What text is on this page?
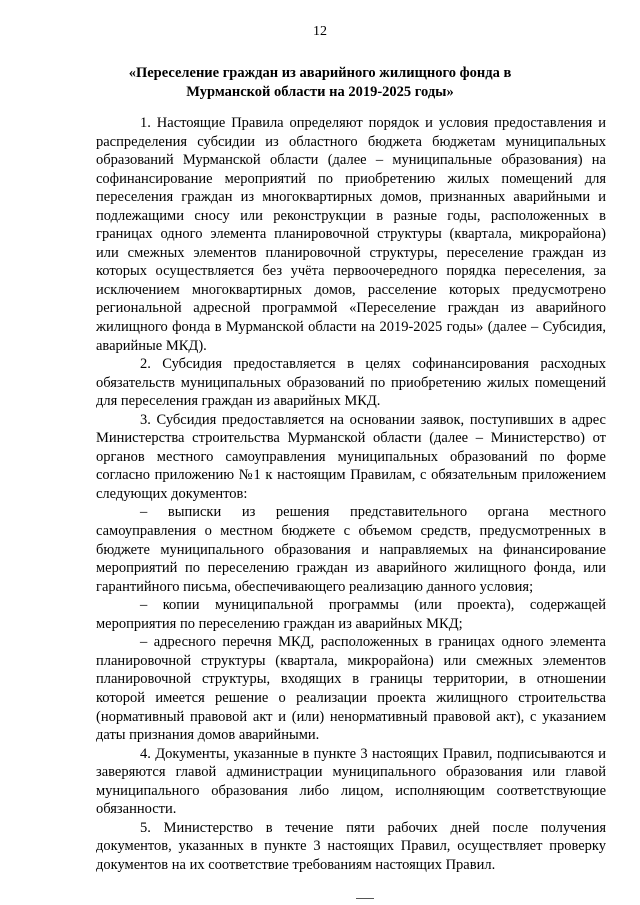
12
«Переселение граждан из аварийного жилищного фонда в Мурманской области на 2019-2025 годы»

1. Настоящие Правила определяют порядок и условия предоставления и распределения субсидии из областного бюджета бюджетам муниципальных образований Мурманской области (далее – муниципальные образования) на софинансирование мероприятий по приобретению жилых помещений для переселения граждан из многоквартирных домов, признанных аварийными и подлежащими сносу или реконструкции в разные годы, расположенных в границах одного элемента планировочной структуры (квартала, микрорайона) или смежных элементов планировочной структуры, переселение граждан из которых осуществляется без учёта первоочередного порядка переселения, за исключением многоквартирных домов, расселение которых предусмотрено региональной адресной программой «Переселение граждан из аварийного жилищного фонда в Мурманской области на 2019-2025 годы» (далее – Субсидия, аварийные МКД).

2. Субсидия предоставляется в целях софинансирования расходных обязательств муниципальных образований по приобретению жилых помещений для переселения граждан из аварийных МКД.

3. Субсидия предоставляется на основании заявок, поступивших в адрес Министерства строительства Мурманской области (далее – Министерство) от органов местного самоуправления муниципальных образований по форме согласно приложению №1 к настоящим Правилам, с обязательным приложением следующих документов:

– выписки из решения представительного органа местного самоуправления о местном бюджете с объемом средств, предусмотренных в бюджете муниципального образования и направляемых на финансирование мероприятий по переселению граждан из аварийного жилищного фонда, или гарантийного письма, обеспечивающего реализацию данного условия;

– копии муниципальной программы (или проекта), содержащей мероприятия по переселению граждан из аварийных МКД;

– адресного перечня МКД, расположенных в границах одного элемента планировочной структуры (квартала, микрорайона) или смежных элементов планировочной структуры, входящих в границы территории, в отношении которой имеется решение о реализации проекта жилищного строительства (нормативный правовой акт и (или) ненормативный правовой акт), с указанием даты признания домов аварийными.

4. Документы, указанные в пункте 3 настоящих Правил, подписываются и заверяются главой администрации муниципального образования или главой муниципального образования либо лицом, исполняющим соответствующие обязанности.

5. Министерство в течение пяти рабочих дней после получения документов, указанных в пункте 3 настоящих Правил, осуществляет проверку документов на их соответствие требованиям настоящих Правил.
